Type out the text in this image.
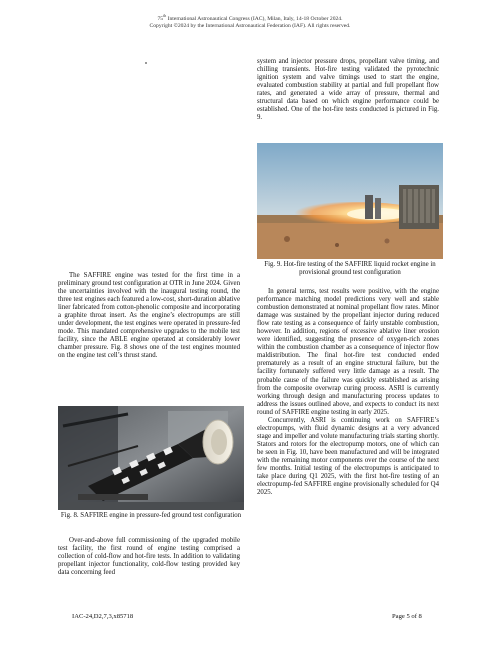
75th International Astronautical Congress (IAC), Milan, Italy, 14-18 October 2024.
Copyright ©2024 by the International Astronautical Federation (IAF). All rights reserved.

The SAFFIRE engine was tested for the first time in a preliminary ground test configuration at OTR in June 2024. Given the uncertainties involved with the inaugural testing round, the three test engines each featured a low-cost, short-duration ablative liner fabricated from cotton-phenolic composite and incorporating a graphite throat insert. As the engine’s electropumps are still under development, the test engines were operated in pressure-fed mode. This mandated comprehensive upgrades to the mobile test facility, since the ABLE engine operated at considerably lower chamber pressure. Fig. 8 shows one of the test engines mounted on the engine test cell’s thrust stand.

Fig. 8. SAFFIRE engine in pressure-fed ground test configuration

Over-and-above full commissioning of the upgraded mobile test facility, the first round of engine testing comprised a collection of cold-flow and hot-fire tests. In addition to validating propellant injector functionality, cold-flow testing provided key data concerning feed

system and injector pressure drops, propellant valve timing, and chilling transients. Hot-fire testing validated the pyrotechnic ignition system and valve timings used to start the engine, evaluated combustion stability at partial and full propellant flow rates, and generated a wide array of pressure, thermal and structural data based on which engine performance could be established. One of the hot-fire tests conducted is pictured in Fig. 9.

Fig. 9. Hot-fire testing of the SAFFIRE liquid rocket engine in provisional ground test configuration

In general terms, test results were positive, with the engine performance matching model predictions very well and stable combustion demonstrated at nominal propellant flow rates. Minor damage was sustained by the propellant injector during reduced flow rate testing as a consequence of fairly unstable combustion, however. In addition, regions of excessive ablative liner erosion were identified, suggesting the presence of oxygen-rich zones within the combustion chamber as a consequence of injector flow maldistribution. The final hot-fire test conducted ended prematurely as a result of an engine structural failure, but the facility fortunately suffered very little damage as a result. The probable cause of the failure was quickly established as arising from the composite overwrap curing process. ASRI is currently working through design and manufacturing process updates to address the issues outlined above, and expects to conduct its next round of SAFFIRE engine testing in early 2025.

Concurrently, ASRI is continuing work on SAFFIRE’s electropumps, with fluid dynamic designs at a very advanced stage and impeller and volute manufacturing trials starting shortly. Stators and rotors for the electropump motors, one of which can be seen in Fig. 10, have been manufactured and will be integrated with the remaining motor components over the course of the next few months. Initial testing of the electropumps is anticipated to take place during Q1 2025, with the first hot-fire testing of an electropump-fed SAFFIRE engine provisionally scheduled for Q4 2025.

IAC-24,D2,7,3,x85718	Page 5 of 8
